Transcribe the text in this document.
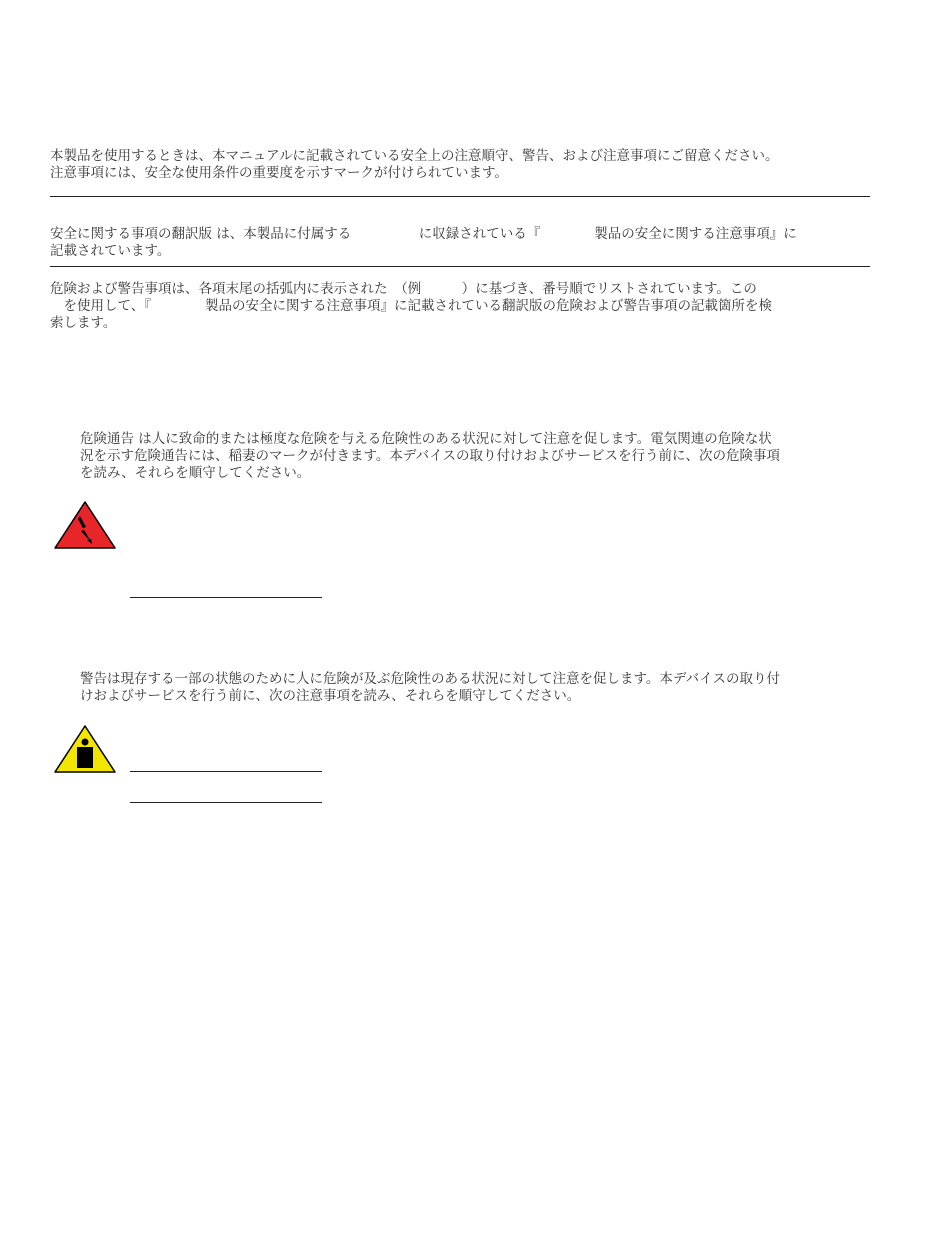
本製品を使用するときは、本マニュアルに記載されている安全上の注意順守、警告、および注意事項にご留意ください。
注意事項には、安全な使用条件の重要度を示すマークが付けられています。
安全に関する事項の翻訳版 は、本製品に付属する　　　　　に収録されている『　　　　製品の安全に関する注意事項』に
記載されています。
危険および警告事項は、各項末尾の括弧内に表示された　（例　　　）に基づき、番号順でリストされています。この
　を使用して、『　　　　製品の安全に関する注意事項』に記載されている翻訳版の危険および警告事項の記載箇所を検
索します。
危険通告 は人に致命的または極度な危険を与える危険性のある状況に対して注意を促します。電気関連の危険な状
況を示す危険通告には、稲妻のマークが付きます。本デバイスの取り付けおよびサービスを行う前に、次の危険事項
を読み、それらを順守してください。
警告は現存する一部の状態のために人に危険が及ぶ危険性のある状況に対して注意を促します。本デバイスの取り付
けおよびサービスを行う前に、次の注意事項を読み、それらを順守してください。
